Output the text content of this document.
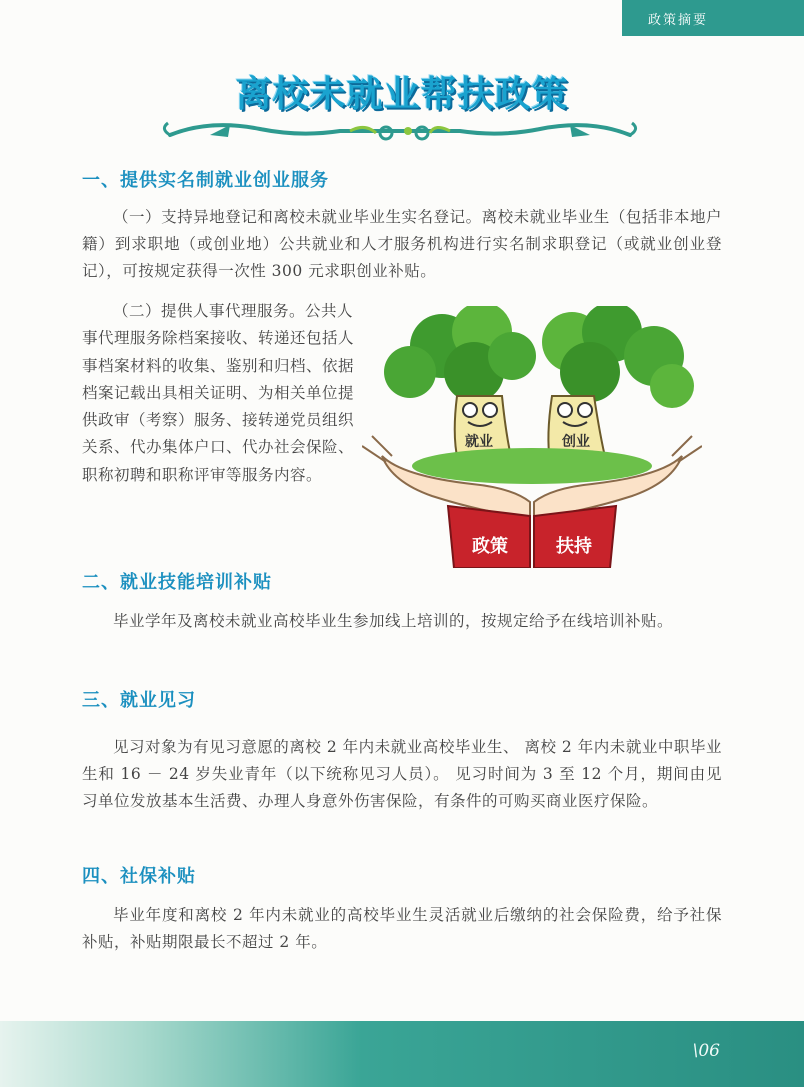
政策摘要
离校未就业帮扶政策
一、提供实名制就业创业服务
（一）支持异地登记和离校未就业毕业生实名登记。离校未就业毕业生（包括非本地户籍）到求职地（或创业地）公共就业和人才服务机构进行实名制求职登记（或就业创业登记），可按规定获得一次性 300 元求职创业补贴。
（二）提供人事代理服务。公共人事代理服务除档案接收、转递还包括人事档案材料的收集、鉴别和归档、依据档案记载出具相关证明、为相关单位提供政审（考察）服务、接转递党员组织关系、代办集体户口、代办社会保险、职称初聘和职称评审等服务内容。
就业	创业
政策	扶持
二、就业技能培训补贴
毕业学年及离校未就业高校毕业生参加线上培训的，按规定给予在线培训补贴。
三、就业见习
见习对象为有见习意愿的离校 2 年内未就业高校毕业生、 离校 2 年内未就业中职毕业生和 16 － 24 岁失业青年（以下统称见习人员）。 见习时间为 3 至 12 个月，期间由见习单位发放基本生活费、办理人身意外伤害保险，有条件的可购买商业医疗保险。
四、社保补贴
毕业年度和离校 2 年内未就业的高校毕业生灵活就业后缴纳的社会保险费，给予社保补贴，补贴期限最长不超过 2 年。
\06
